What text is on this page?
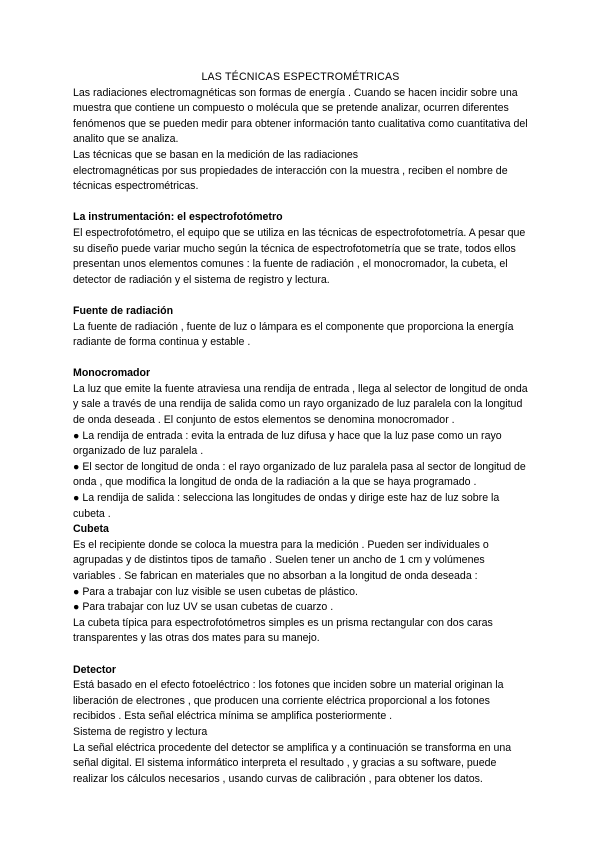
LAS TÉCNICAS ESPECTROMÉTRICAS

Las radiaciones electromagnéticas son formas de energía . Cuando se hacen incidir sobre una muestra que contiene un compuesto o molécula que se pretende analizar, ocurren diferentes fenómenos que se pueden medir para obtener información tanto cualitativa como cuantitativa del analito que se analiza.

Las técnicas que se basan en la medición de las radiaciones

electromagnéticas por sus propiedades de interacción con la muestra , reciben el nombre de técnicas espectrométricas.

La instrumentación: el espectrofotómetro

El espectrofotómetro, el equipo que se utiliza en las técnicas de espectrofotometría. A pesar que su diseño puede variar mucho según la técnica de espectrofotometría que se trate, todos ellos presentan unos elementos comunes : la fuente de radiación , el monocromador, la cubeta, el detector de radiación y el sistema de registro y lectura.

Fuente de radiación

La fuente de radiación , fuente de luz o lámpara es el componente que proporciona la energía radiante de forma continua y estable .

Monocromador

La luz que emite la fuente atraviesa una rendija de entrada , llega al selector de longitud de onda y sale a través de una rendija de salida como un rayo organizado de luz paralela con la longitud de onda deseada . El conjunto de estos elementos se denomina monocromador .

● La rendija de entrada : evita la entrada de luz difusa y hace que la luz pase como un rayo organizado de luz paralela .

● El sector de longitud de onda : el rayo organizado de luz paralela pasa al sector de longitud de onda , que modifica la longitud de onda de la radiación a la que se haya programado .

● La rendija de salida : selecciona las longitudes de ondas y dirige este haz de luz sobre la cubeta .

Cubeta

Es el recipiente donde se coloca la muestra para la medición . Pueden ser individuales o agrupadas y de distintos tipos de tamaño . Suelen tener un ancho de 1 cm y volúmenes variables . Se fabrican en materiales que no absorban a la longitud de onda deseada :

● Para a trabajar con luz visible se usen cubetas de plástico.

● Para trabajar con luz UV se usan cubetas de cuarzo .

La cubeta típica para espectrofotómetros simples es un prisma rectangular con dos caras transparentes y las otras dos mates para su manejo.

Detector

Está basado en el efecto fotoeléctrico : los fotones que inciden sobre un material originan la liberación de electrones , que producen una corriente eléctrica proporcional a los fotones recibidos . Esta señal eléctrica mínima se amplifica posteriormente .

Sistema de registro y lectura

La señal eléctrica procedente del detector se amplifica y a continuación se transforma en una señal digital. El sistema informático interpreta el resultado , y gracias a su software, puede realizar los cálculos necesarios , usando curvas de calibración , para obtener los datos.
